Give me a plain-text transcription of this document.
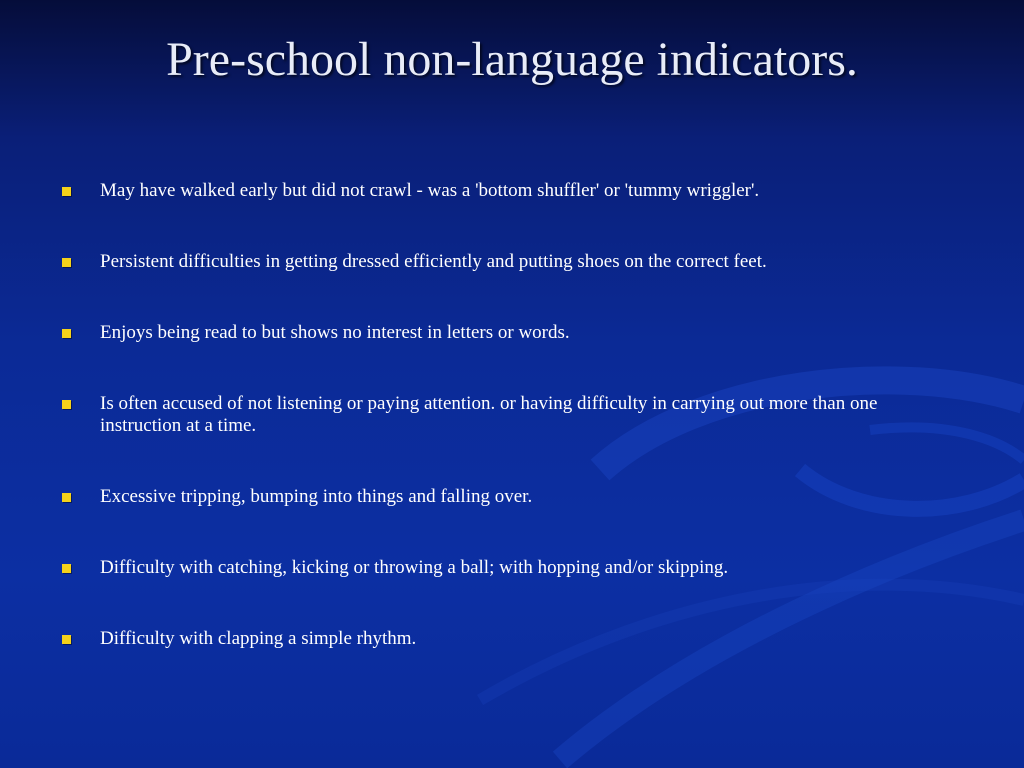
Pre-school non-language indicators.
May have walked early but did not crawl - was a 'bottom shuffler' or 'tummy wriggler'.
Persistent difficulties in getting dressed efficiently and putting shoes on the correct feet.
Enjoys being read to but shows no interest in letters or words.
Is often accused of not listening or paying attention. or having difficulty in carrying out more than one instruction at a time.
Excessive tripping, bumping into things and falling over.
Difficulty with catching, kicking or throwing a ball; with hopping and/or skipping.
Difficulty with clapping a simple rhythm.
